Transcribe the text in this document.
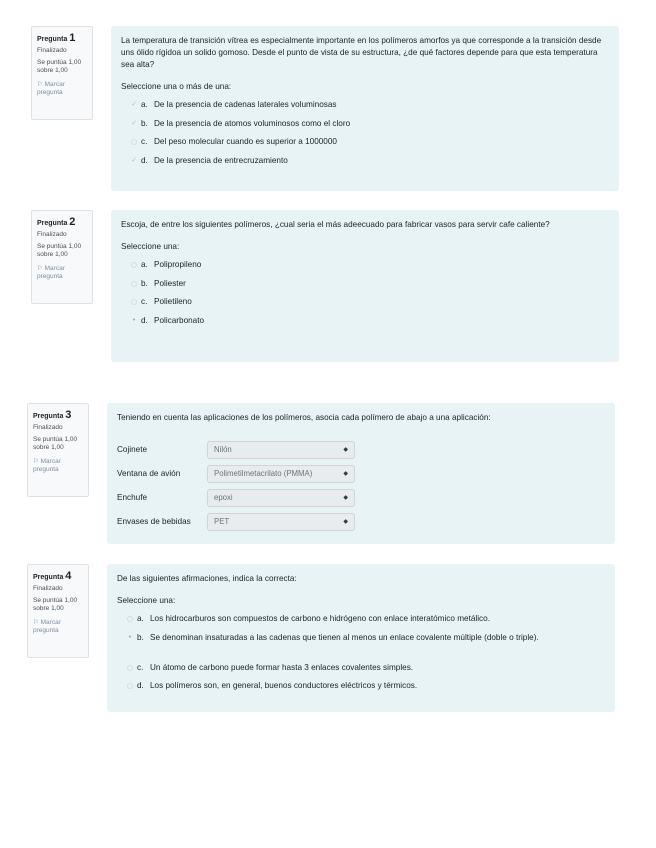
Pregunta 1
Finalizado
Se puntúa 1,00 sobre 1,00
⚐ Marcar pregunta

La temperatura de transición vítrea es especialmente importante en los polímeros amorfos ya que corresponde a la transición desde uns ólido rígidoa un solido gomoso. Desde el punto de vista de su estructura, ¿de qué factores depende para que esta temperatura sea alta?

Seleccione una o más de una:
✓ a. De la presencia de cadenas laterales voluminosas
✓ b. De la presencia de atomos voluminosos como el cloro
c. Del peso molecular cuando es superior a 1000000
✓ d. De la presencia de entrecruzamiento
Pregunta 2
Finalizado
Se puntúa 1,00 sobre 1,00
⚐ Marcar pregunta

Escoja, de entre los siguientes polímeros, ¿cual seria el más adeecuado para fabricar vasos para servir cafe caliente?

Seleccione una:
a. Polipropileno
b. Poliester
c. Polietileno
• d. Policarbonato
Pregunta 3
Finalizado
Se puntúa 1,00 sobre 1,00
⚐ Marcar pregunta

Teniendo en cuenta las aplicaciones de los polímeros, asocia cada polímero de abajo a una aplicación:

Cojinete	Nilón	◆
Ventana de avión	Polimetilmetacrilato (PMMA)	◆
Enchufe	epoxi	◆
Envases de bebidas	PET	◆
Pregunta 4
Finalizado
Se puntúa 1,00 sobre 1,00
⚐ Marcar pregunta

De las siguientes afirmaciones, indica la correcta:

Seleccione una:
a. Los hidrocarburos son compuestos de carbono e hidrógeno con enlace interatómico metálico.
• b. Se denominan insaturadas a las cadenas que tienen al menos un enlace covalente múltiple (doble o triple).
c. Un átomo de carbono puede formar hasta 3 enlaces covalentes simples.
d. Los polímeros son, en general, buenos conductores eléctricos y térmicos.
